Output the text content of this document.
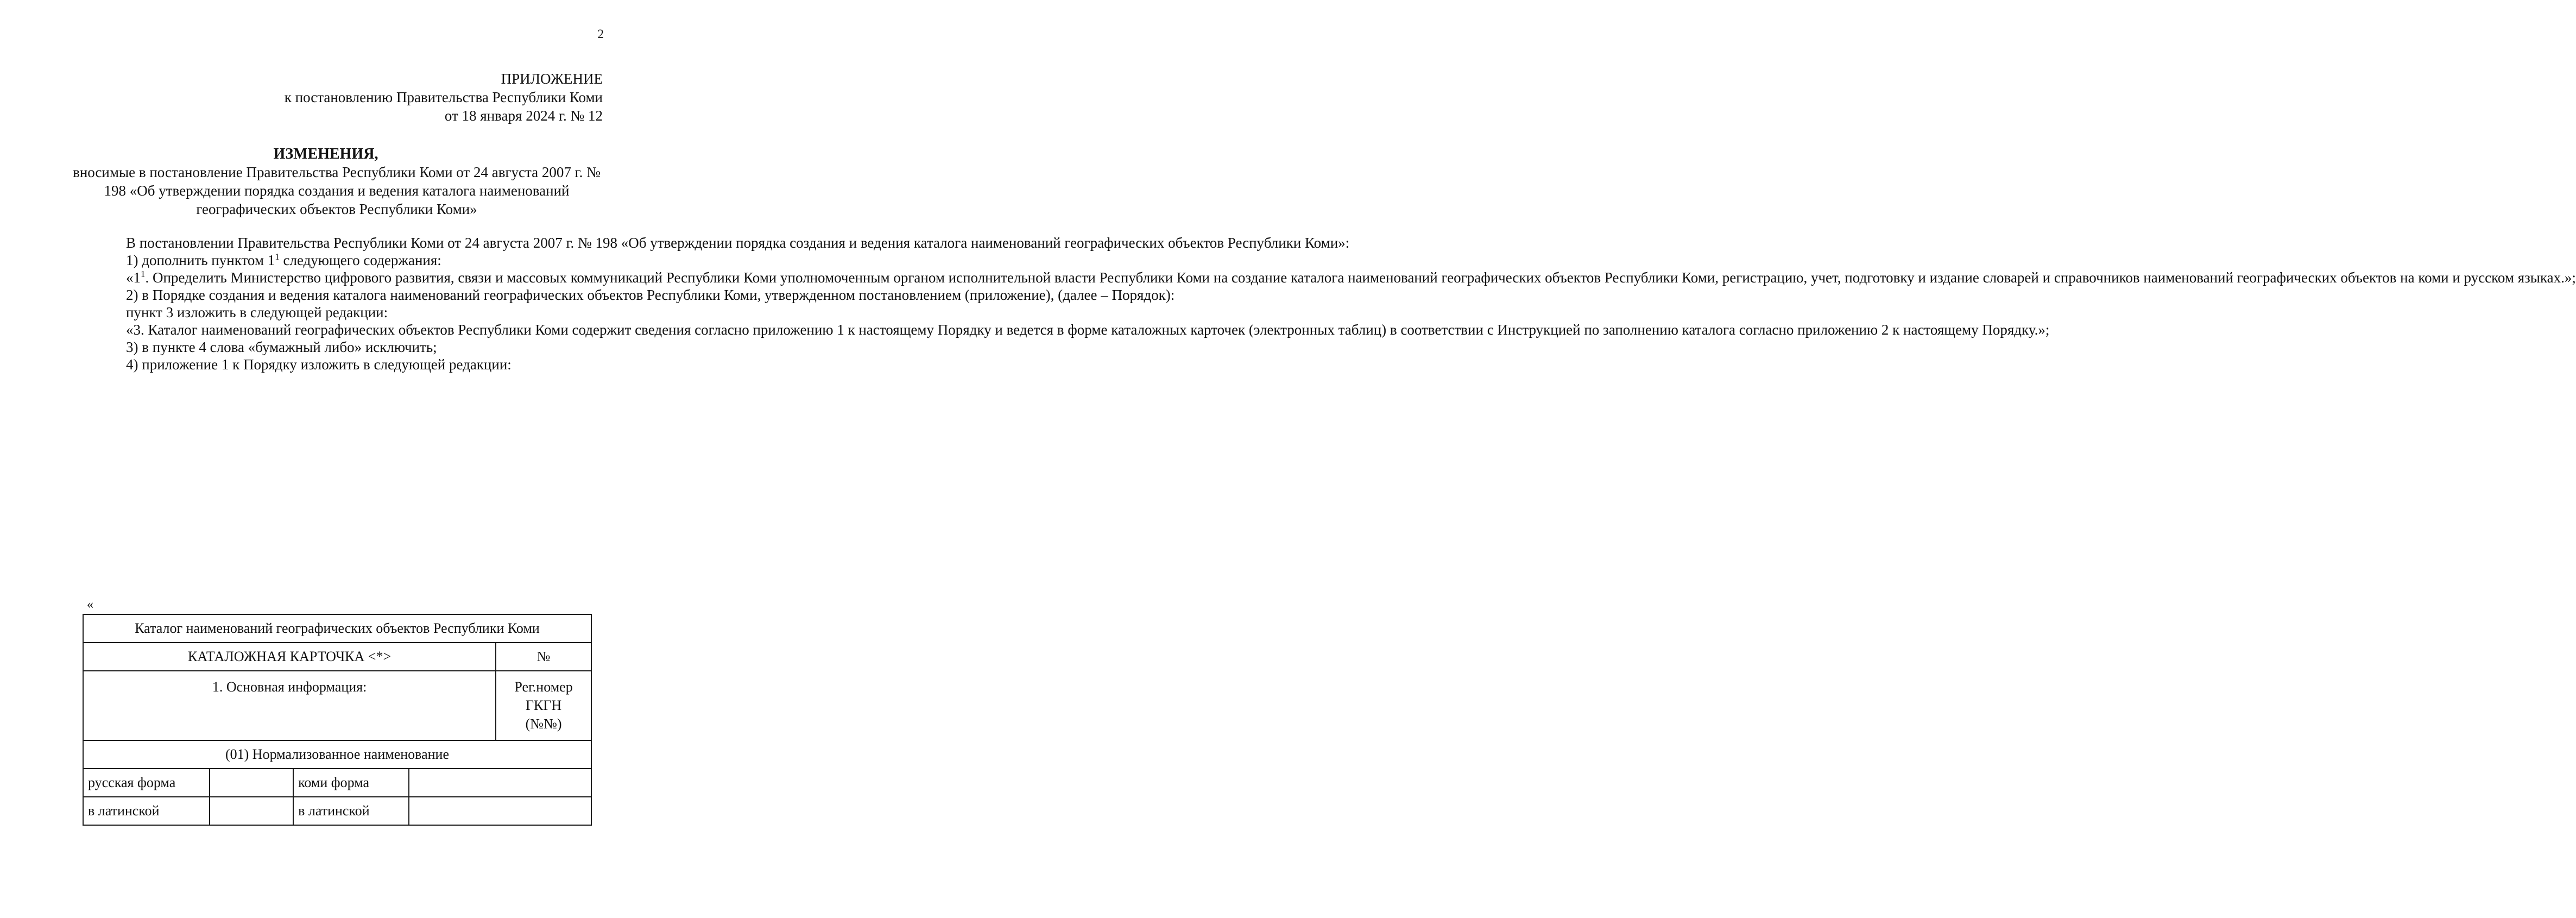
2
ПРИЛОЖЕНИЕ
к постановлению Правительства Республики Коми
от 18 января 2024 г. № 12
ИЗМЕНЕНИЯ,
вносимые в постановление Правительства Республики Коми от 24 августа 2007 г. № 198 «Об утверждении порядка создания и ведения каталога наименований географических объектов Республики Коми»

В постановлении Правительства Республики Коми от 24 августа 2007 г. № 198 «Об утверждении порядка создания и ведения каталога наименований географических объектов Республики Коми»:

1) дополнить пунктом $1^1$ следующего содержания:

«$1^1$. Определить Министерство цифрового развития, связи и массовых коммуникаций Республики Коми уполномоченным органом исполнительной власти Республики Коми на создание каталога наименований географических объектов Республики Коми, регистрацию, учет, подготовку и издание словарей и справочников наименований географических объектов на коми и русском языках.»;

2) в Порядке создания и ведения каталога наименований географических объектов Республики Коми, утвержденном постановлением (приложение), (далее – Порядок):

пункт 3 изложить в следующей редакции:

«3. Каталог наименований географических объектов Республики Коми содержит сведения согласно приложению 1 к настоящему Порядку и ведется в форме каталожных карточек (электронных таблиц) в соответствии с Инструкцией по заполнению каталога согласно приложению 2 к настоящему Порядку.»;

3) в пункте 4 слова «бумажный либо» исключить;

4) приложение 1 к Порядку изложить в следующей редакции:

«
Каталог наименований географических объектов Республики Коми				
КАТАЛОЖНАЯ КАРТОЧКА <*>				№
1. Основная информация:				Рег.номер
ГКГН
(№№)

(01) Нормализованное наименование				
русская форма		коми форма		
в латинской		в латинской		
